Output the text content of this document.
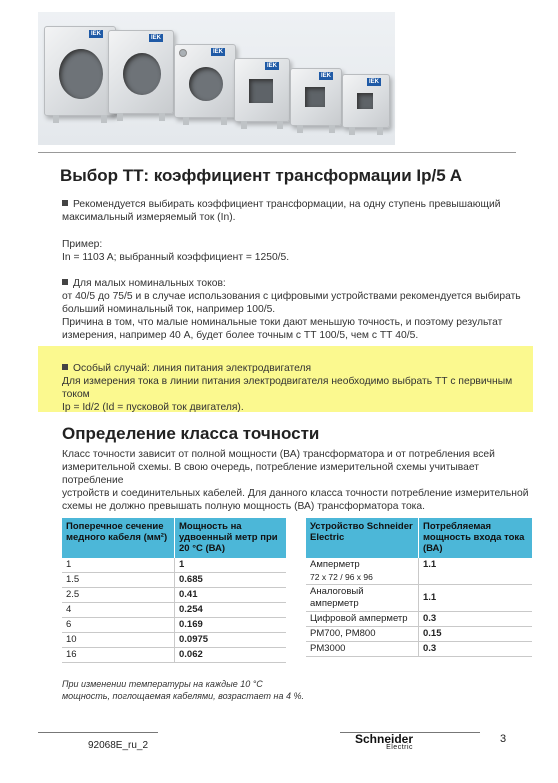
IEK
IEK
IEK
IEK
IEK
IEK
Выбор ТТ: коэффициент трансформации Ip/5 A
Рекомендуется выбирать коэффициент трансформации, на одну ступень превышающий
максимальный измеряемый ток (In).
Пример:
In = 1103 A; выбранный коэффициент = 1250/5.
Для малых номинальных токов:
от 40/5 до 75/5 и в случае использования с цифровыми устройствами рекомендуется выбирать
больший номинальный ток, например 100/5.
Причина в том, что малые номинальные токи дают меньшую точность, и поэтому результат
измерения, например 40 A, будет более точным с ТТ 100/5, чем с ТТ 40/5.
Особый случай: линия питания электродвигателя
Для измерения тока в линии питания электродвигателя необходимо выбрать ТТ с первичным током
Ip = Id/2 (Id = пусковой ток двигателя).
Определение класса точности
Класс точности зависит от полной мощности (ВА) трансформатора и от потребления всей
измерительной схемы. В свою очередь, потребление измерительной схемы учитывает потребление
устройств и соединительных кабелей. Для данного класса точности потребление измерительной
схемы не должно превышать полную мощность (ВА) трансформатора тока.
Поперечное сечение медного кабеля (мм²)	Мощность на удвоенный метр при 20 °C (ВА)
1	1
1.5	0.685
2.5	0.41
4	0.254
6	0.169
10	0.0975
16	0.062
При изменении температуры на каждые 10 °C
мощность, поглощаемая кабелями, возрастает на 4 %.
Устройство Schneider Electric	Потребляемая мощность входа тока (ВА)

Амперметр
72 x 72 / 96 x 96	1.1
Аналоговый амперметр	1.1
Цифровой амперметр	0.3
PM700, PM800	0.15
PM3000	0.3
92068E_ru_2	Schneider
Electric
3
